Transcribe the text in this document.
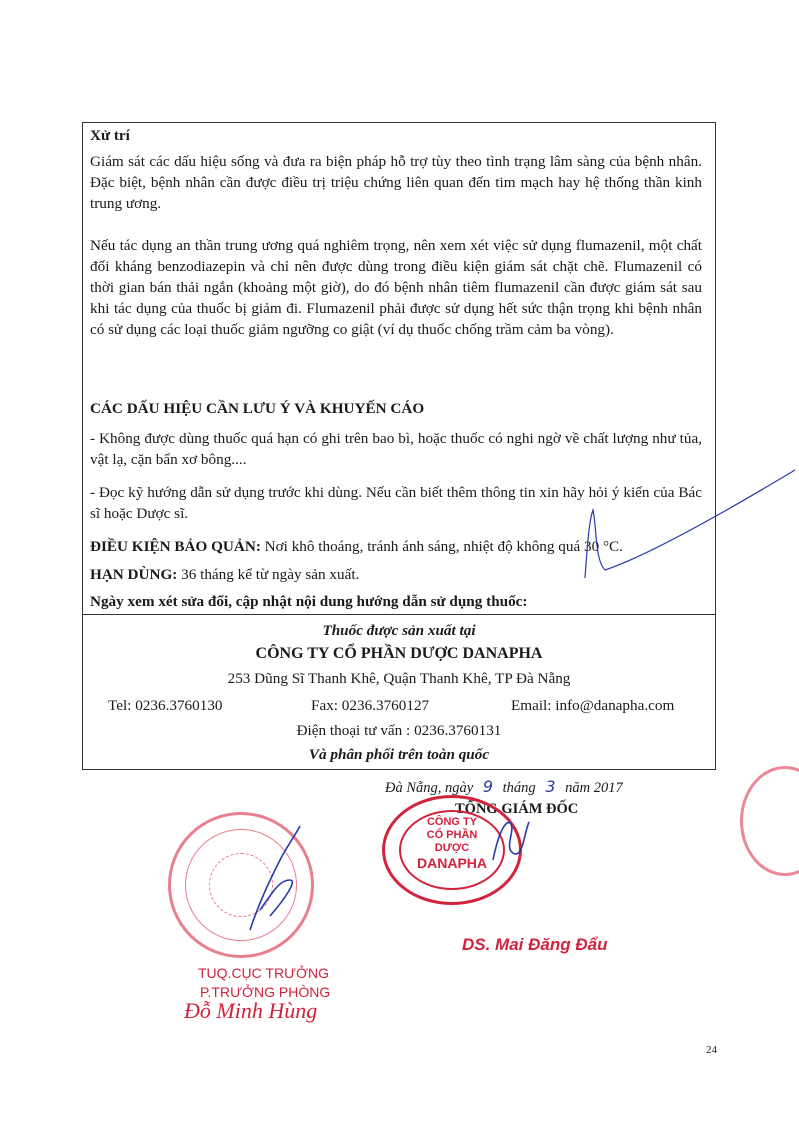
Xử trí
Giám sát các dấu hiệu sống và đưa ra biện pháp hỗ trợ tùy theo tình trạng lâm sàng của bệnh nhân. Đặc biệt, bệnh nhân cần được điều trị triệu chứng liên quan đến tim mạch hay hệ thống thần kinh trung ương.
Nếu tác dụng an thần trung ương quá nghiêm trọng, nên xem xét việc sử dụng flumazenil, một chất đối kháng benzodiazepin và chỉ nên được dùng trong điều kiện giám sát chặt chẽ. Flumazenil có thời gian bán thải ngắn (khoảng một giờ), do đó bệnh nhân tiêm flumazenil cần được giám sát sau khi tác dụng của thuốc bị giảm đi. Flumazenil phải được sử dụng hết sức thận trọng khi bệnh nhân có sử dụng các loại thuốc giảm ngưỡng co giật (ví dụ thuốc chống trầm cảm ba vòng).
CÁC DẤU HIỆU CẦN LƯU Ý VÀ KHUYẾN CÁO
- Không được dùng thuốc quá hạn có ghi trên bao bì, hoặc thuốc có nghi ngờ về chất lượng như tủa, vật lạ, cặn bẩn xơ bông....
- Đọc kỹ hướng dẫn sử dụng trước khi dùng. Nếu cần biết thêm thông tin xin hãy hỏi ý kiến của Bác sĩ hoặc Dược sĩ.
ĐIỀU KIỆN BẢO QUẢN: Nơi khô thoáng, tránh ánh sáng, nhiệt độ không quá 30 °C.
HẠN DÙNG: 36 tháng kể từ ngày sản xuất.
Ngày xem xét sửa đổi, cập nhật nội dung hướng dẫn sử dụng thuốc:
Thuốc được sản xuất tại
CÔNG TY CỔ PHẦN DƯỢC DANAPHA
253 Dũng Sĩ Thanh Khê, Quận Thanh Khê, TP Đà Nẵng
Tel: 0236.3760130	Fax: 0236.3760127	Email: info@danapha.com
Điện thoại tư vấn : 0236.3760131
Và phân phối trên toàn quốc
Đà Nẵng, ngày 9 tháng 3 năm 2017
TỔNG GIÁM ĐỐC
CÔNG TY
CỔ PHẦN
DƯỢC
DANAPHA
DS. Mai Đăng Đẩu
TUQ.CỤC TRƯỞNG
P.TRƯỞNG PHÒNG
Đỗ Minh Hùng
24
